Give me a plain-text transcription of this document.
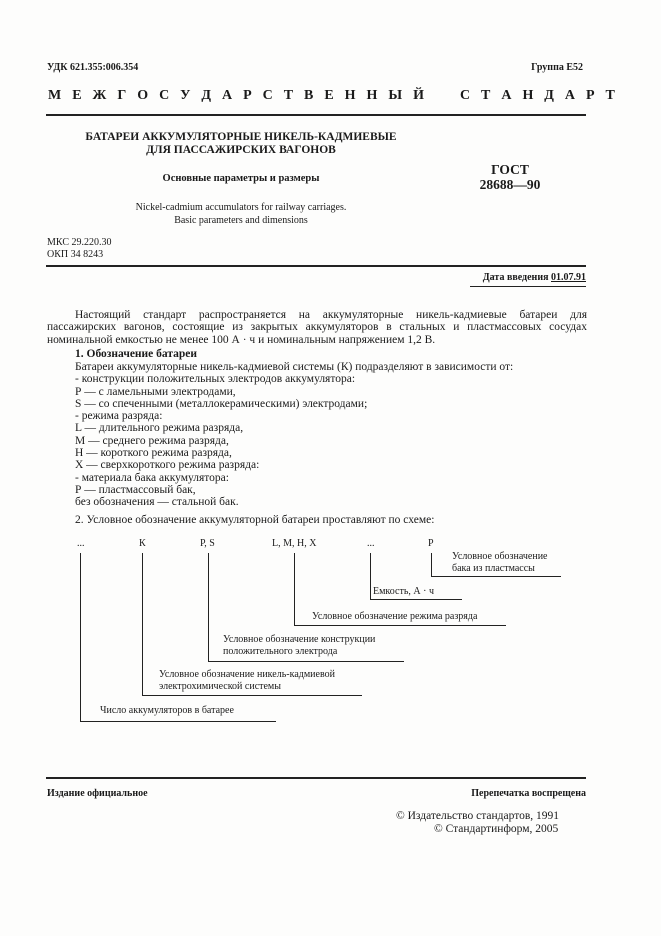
УДК 621.355:006.354	Группа Е52
М Е Ж Г О С У Д А Р С Т В Е Н Н Ы Й	С Т А Н Д А Р Т
БАТАРЕИ АККУМУЛЯТОРНЫЕ НИКЕЛЬ-КАДМИЕВЫЕ
ДЛЯ ПАССАЖИРСКИХ ВАГОНОВ
Основные параметры и размеры
Nickel-cadmium accumulators for railway carriages.
Basic parameters and dimensions
ГОСТ
28688—90
МКС 29.220.30
ОКП 34 8243
Дата введения 01.07.91
Настоящий стандарт распространяется на аккумуляторные никель-кадмиевые батареи для пассажирских вагонов, состоящие из закрытых аккумуляторов в стальных и пластмассовых сосудах номинальной емкостью не менее 100 А · ч и номинальным напряжением 1,2 В.
1. Обозначение батареи
Батареи аккумуляторные никель-кадмиевой системы (К) подразделяют в зависимости от:
- конструкции положительных электродов аккумулятора:
Р — с ламельными электродами,
S — со спеченными (металлокерамическими) электродами;
- режима разряда:
L — длительного режима разряда,
М — среднего режима разряда,
Н — короткого режима разряда,
Х — сверхкороткого режима разряда:
- материала бака аккумулятора:
Р — пластмассовый бак,
без обозначения — стальной бак.
2. Условное обозначение аккумуляторной батареи проставляют по схеме:
...	К	Р, S	L, М, Н, Х	...	Р
Условное обозначение
бака из пластмассы
Емкость, А · ч
Условное обозначение режима разряда
Условное обозначение конструкции
положительного электрода
Условное обозначение никель-кадмиевой
электрохимической системы
Число аккумуляторов в батарее
Издание официальное	Перепечатка воспрещена
© Издательство стандартов, 1991
© Стандартинформ, 2005
